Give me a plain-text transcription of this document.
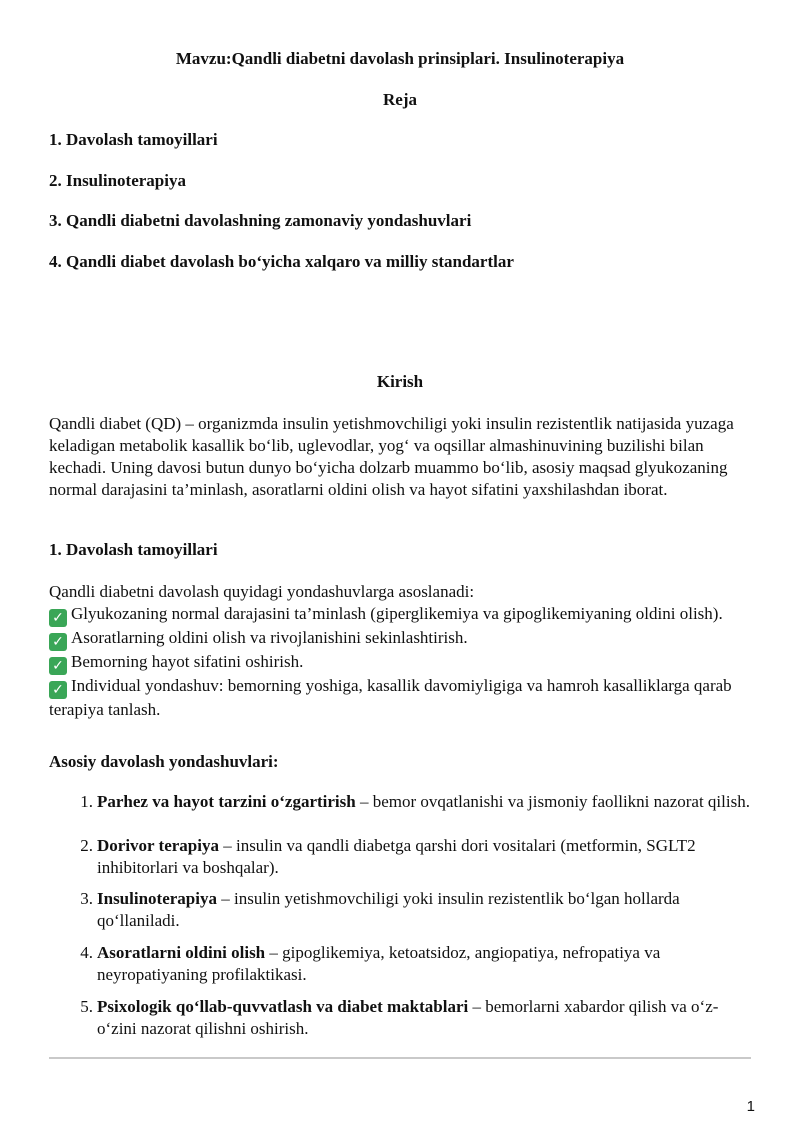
Mavzu:Qandli diabetni davolash prinsiplari. Insulinoterapiya
Reja
1. Davolash tamoyillari
2. Insulinoterapiya
3. Qandli diabetni davolashning zamonaviy yondashuvlari
4. Qandli diabet davolash bo‘yicha xalqaro va milliy standartlar
Kirish
Qandli diabet (QD) – organizmda insulin yetishmovchiligi yoki insulin rezistentlik natijasida yuzaga keladigan metabolik kasallik bo‘lib, uglevodlar, yog‘ va oqsillar almashinuvining buzilishi bilan kechadi. Uning davosi butun dunyo bo‘yicha dolzarb muammo bo‘lib, asosiy maqsad glyukozaning normal darajasini ta’minlash, asoratlarni oldini olish va hayot sifatini yaxshilashdan iborat.
1. Davolash tamoyillari
Qandli diabetni davolash quyidagi yondashuvlarga asoslanadi:
✓ Glyukozaning normal darajasini ta’minlash (giperglikemiya va gipoglikemiyaning oldini olish).
✓ Asoratlarning oldini olish va rivojlanishini sekinlashtirish.
✓ Bemorning hayot sifatini oshirish.
✓ Individual yondashuv: bemorning yoshiga, kasallik davomiyligiga va hamroh kasalliklarga qarab terapiya tanlash.
Asosiy davolash yondashuvlari:
1. Parhez va hayot tarzini o‘zgartirish – bemor ovqatlanishi va jismoniy faollikni nazorat qilish.
2. Dorivor terapiya – insulin va qandli diabetga qarshi dori vositalari (metformin, SGLT2 inhibitorlari va boshqalar).
3. Insulinoterapiya – insulin yetishmovchiligi yoki insulin rezistentlik bo‘lgan hollarda qo‘llaniladi.
4. Asoratlarni oldini olish – gipoglikemiya, ketoatsidoz, angiopatiya, nefropatiya va neyropatiyaning profilaktikasi.
5. Psixologik qo‘llab-quvvatlash va diabet maktablari – bemorlarni xabardor qilish va o‘z-o‘zini nazorat qilishni oshirish.
1
